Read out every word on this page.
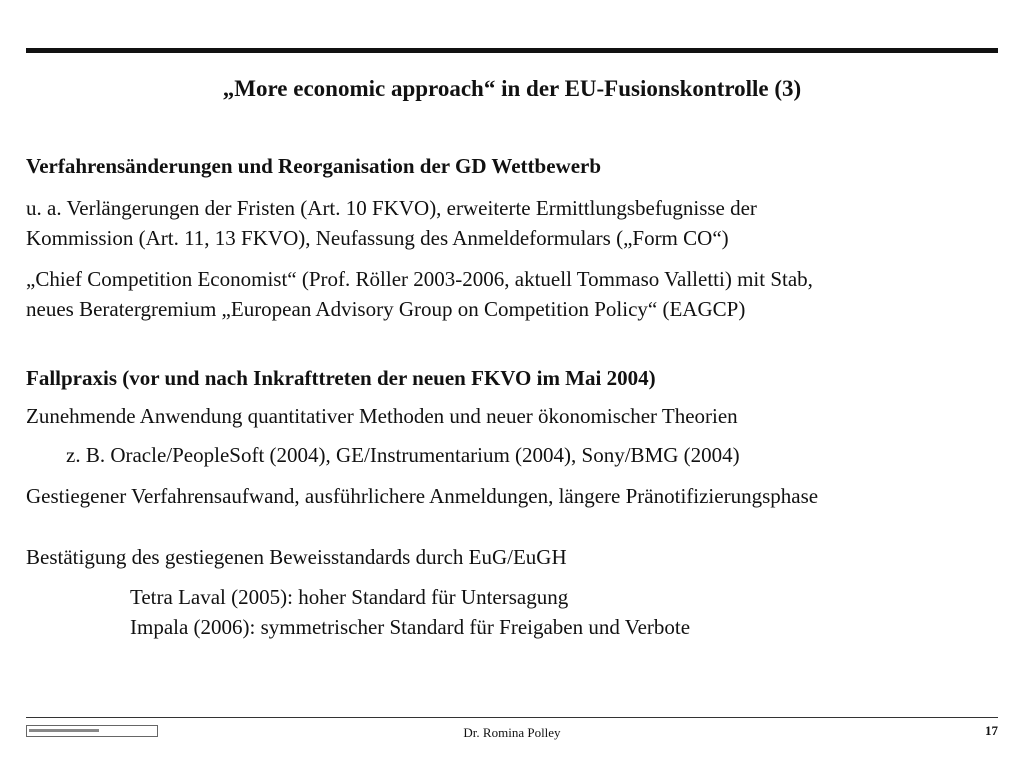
„More economic approach“ in der EU-Fusionskontrolle (3)
Verfahrensänderungen und Reorganisation der GD Wettbewerb
u. a. Verlängerungen der Fristen (Art. 10 FKVO), erweiterte Ermittlungsbefugnisse der
Kommission (Art. 11, 13 FKVO), Neufassung des Anmeldeformulars („Form CO“)
„Chief Competition Economist“ (Prof. Röller 2003-2006, aktuell Tommaso Valletti) mit Stab,
neues Beratergremium „European Advisory Group on Competition Policy“ (EAGCP)
Fallpraxis (vor und nach Inkrafttreten der neuen FKVO im Mai 2004)
Zunehmende Anwendung quantitativer Methoden und neuer ökonomischer Theorien
z. B. Oracle/PeopleSoft (2004), GE/Instrumentarium (2004), Sony/BMG (2004)
Gestiegener Verfahrensaufwand, ausführlichere Anmeldungen, längere Pränotifizierungsphase
Bestätigung des gestiegenen Beweisstandards durch EuG/EuGH
Tetra Laval (2005): hoher Standard für Untersagung
Impala (2006): symmetrischer Standard für Freigaben und Verbote
Dr. Romina Polley	17
